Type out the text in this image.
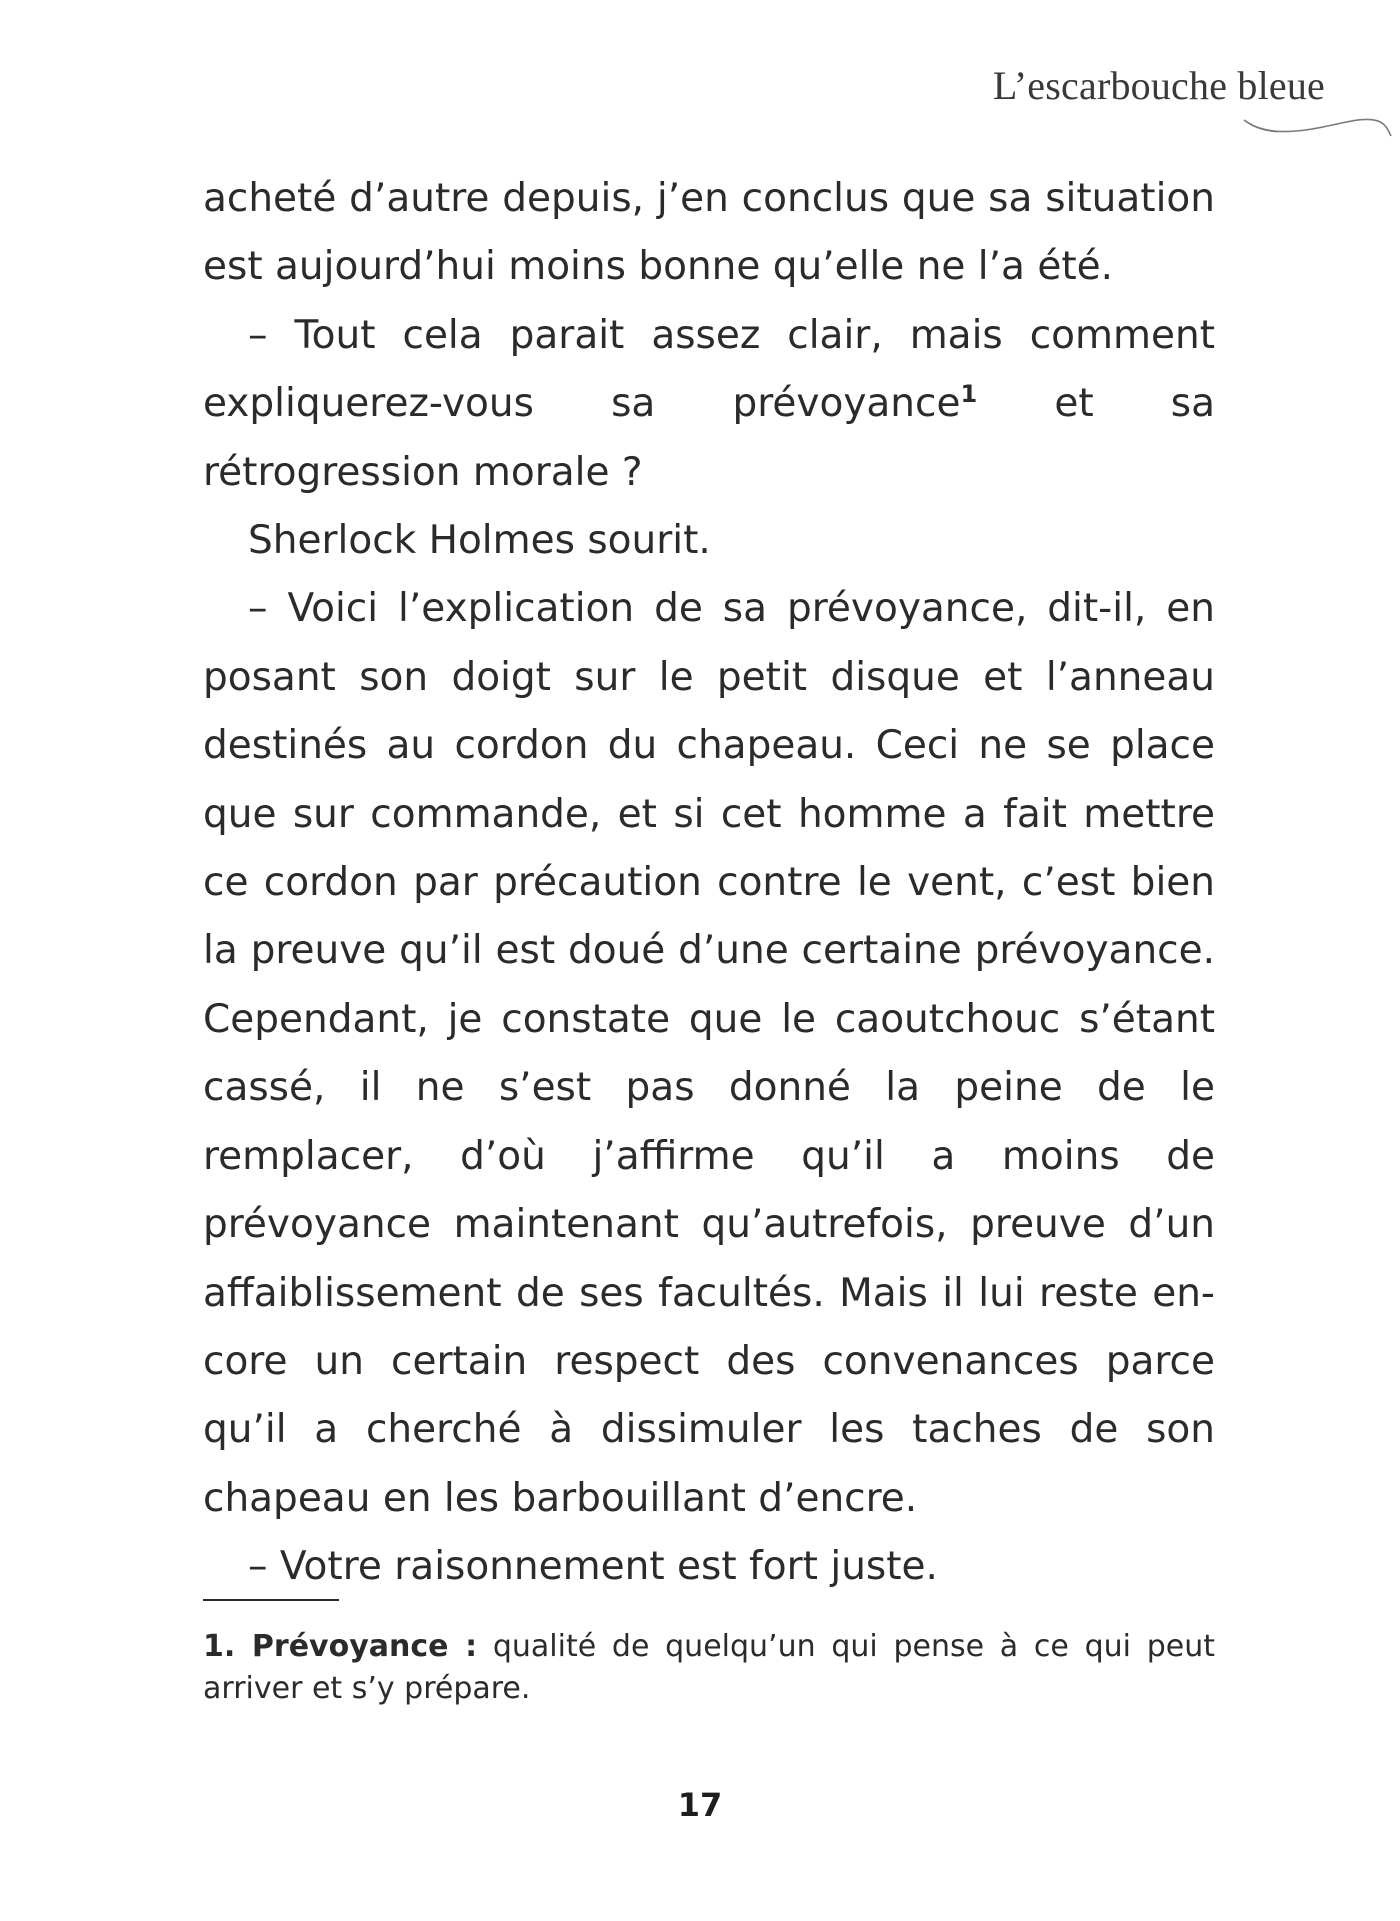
L’escarbouche bleue

acheté d’autre depuis, j’en conclus que sa situation est aujourd’hui moins bonne qu’elle ne l’a été.

– Tout cela parait assez clair, mais comment expliquerez-vous sa prévoyance$^1$ et sa rétrogression morale ?

Sherlock Holmes sourit.

– Voici l’explication de sa prévoyance, dit-il, en posant son doigt sur le petit disque et l’anneau destinés au cordon du chapeau. Ceci ne se place que sur commande, et si cet homme a fait mettre ce cordon par précaution contre le vent, c’est bien la preuve qu’il est doué d’une certaine prévoyance. Cependant, je constate que le caoutchouc s’étant cassé, il ne s’est pas donné la peine de le remplacer, d’où j’affirme qu’il a moins de prévoyance maintenant qu’autrefois, preuve d’un affaiblissement de ses facultés. Mais il lui reste encore un certain respect des convenances parce qu’il a cherché à dissimuler les taches de son chapeau en les barbouillant d’encre.

– Votre raisonnement est fort juste.

1. Prévoyance : qualité de quelqu’un qui pense à ce qui peut arriver et s’y prépare.

17
